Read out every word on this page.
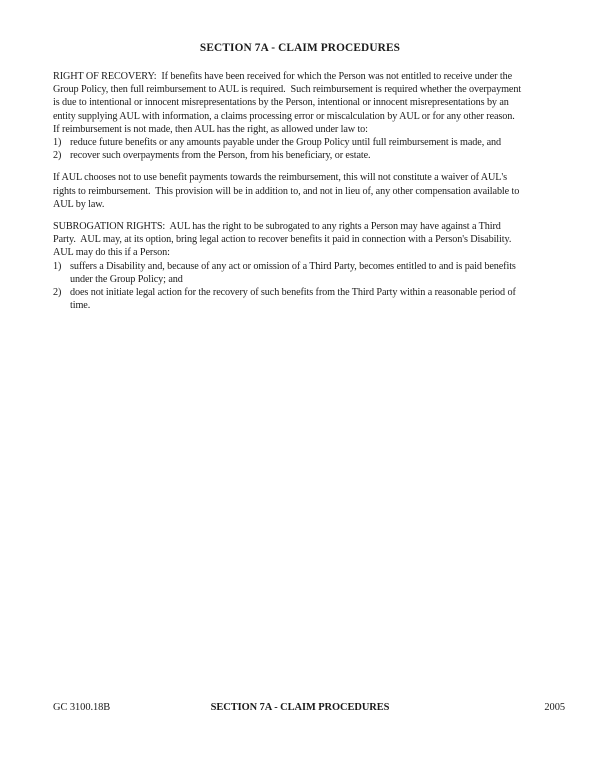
SECTION 7A - CLAIM PROCEDURES
RIGHT OF RECOVERY:  If benefits have been received for which the Person was not entitled to receive under the
Group Policy, then full reimbursement to AUL is required.  Such reimbursement is required whether the overpayment
is due to intentional or innocent misrepresentations by the Person, intentional or innocent misrepresentations by an
entity supplying AUL with information, a claims processing error or miscalculation by AUL or for any other reason.
If reimbursement is not made, then AUL has the right, as allowed under law to:
1) reduce future benefits or any amounts payable under the Group Policy until full reimbursement is made, and
2) recover such overpayments from the Person, from his beneficiary, or estate.
If AUL chooses not to use benefit payments towards the reimbursement, this will not constitute a waiver of AUL's
rights to reimbursement.  This provision will be in addition to, and not in lieu of, any other compensation available to
AUL by law.
SUBROGATION RIGHTS:  AUL has the right to be subrogated to any rights a Person may have against a Third
Party.  AUL may, at its option, bring legal action to recover benefits it paid in connection with a Person's Disability.
AUL may do this if a Person:
1) suffers a Disability and, because of any act or omission of a Third Party, becomes entitled to and is paid benefits
under the Group Policy; and
2) does not initiate legal action for the recovery of such benefits from the Third Party within a reasonable period of
time.
SECTION 7A - CLAIM PROCEDURES
GC 3100.18B	2005
